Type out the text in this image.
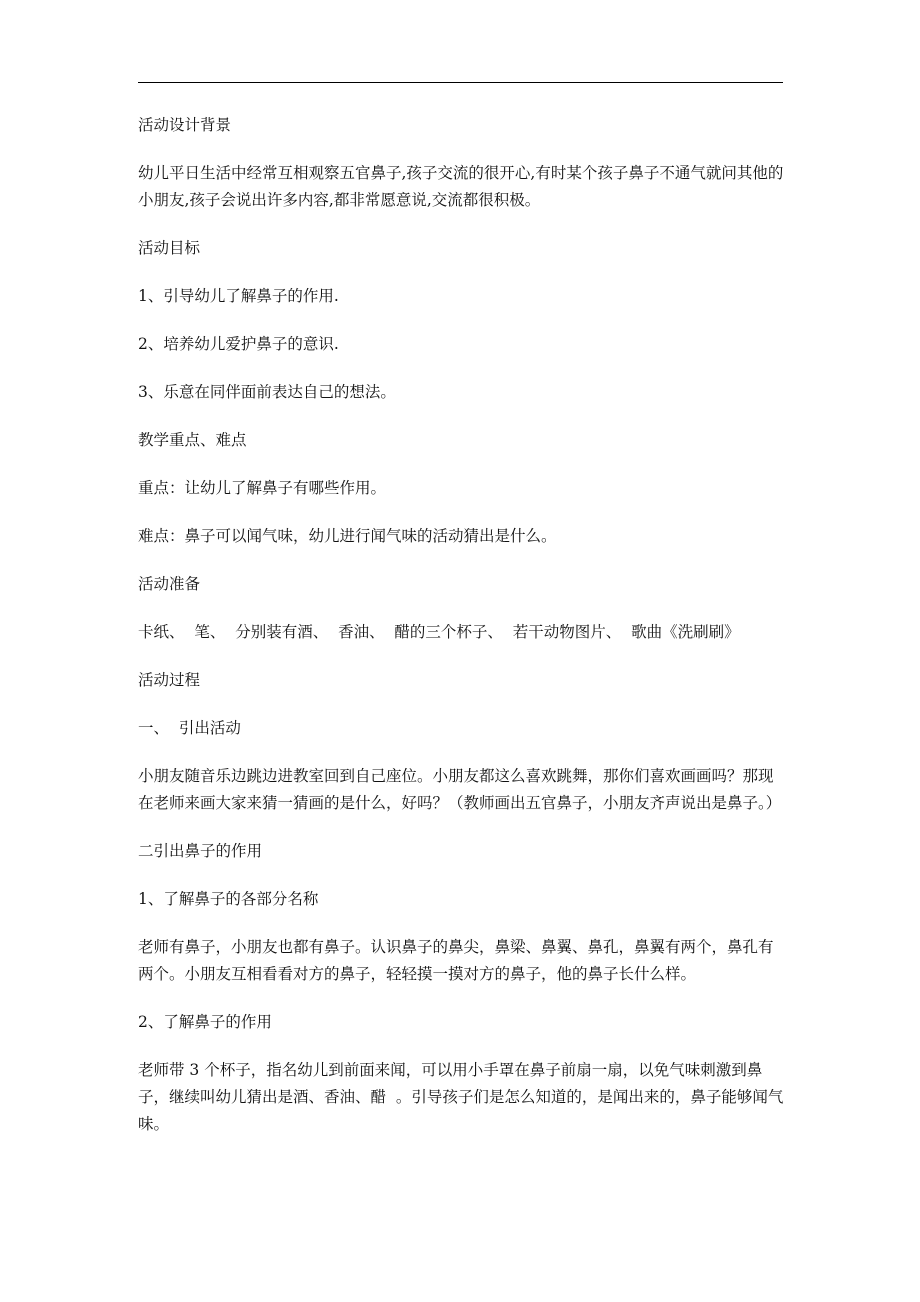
活动设计背景

幼儿平日生活中经常互相观察五官鼻子,孩子交流的很开心,有时某个孩子鼻子不通气就问其他的小朋友,孩子会说出许多内容,都非常愿意说,交流都很积极。

活动目标

1、引导幼儿了解鼻子的作用.

2、培养幼儿爱护鼻子的意识.

3、乐意在同伴面前表达自己的想法。

教学重点、难点

重点：让幼儿了解鼻子有哪些作用。

难点：鼻子可以闻气味，幼儿进行闻气味的活动猜出是什么。

活动准备

卡纸、  笔、  分别装有酒、  香油、  醋的三个杯子、  若干动物图片、  歌曲《洗刷刷》

活动过程

一、  引出活动

小朋友随音乐边跳边进教室回到自己座位。小朋友都这么喜欢跳舞，那你们喜欢画画吗？那现在老师来画大家来猜一猜画的是什么，好吗？（教师画出五官鼻子，小朋友齐声说出是鼻子。）

二引出鼻子的作用

1、了解鼻子的各部分名称

老师有鼻子，小朋友也都有鼻子。认识鼻子的鼻尖，鼻梁、鼻翼、鼻孔，鼻翼有两个，鼻孔有两个。小朋友互相看看对方的鼻子，轻轻摸一摸对方的鼻子，他的鼻子长什么样。

2、了解鼻子的作用

老师带 3 个杯子，指名幼儿到前面来闻，可以用小手罩在鼻子前扇一扇，以免气味刺激到鼻子，继续叫幼儿猜出是酒、香油、醋  。引导孩子们是怎么知道的，是闻出来的，鼻子能够闻气味。
